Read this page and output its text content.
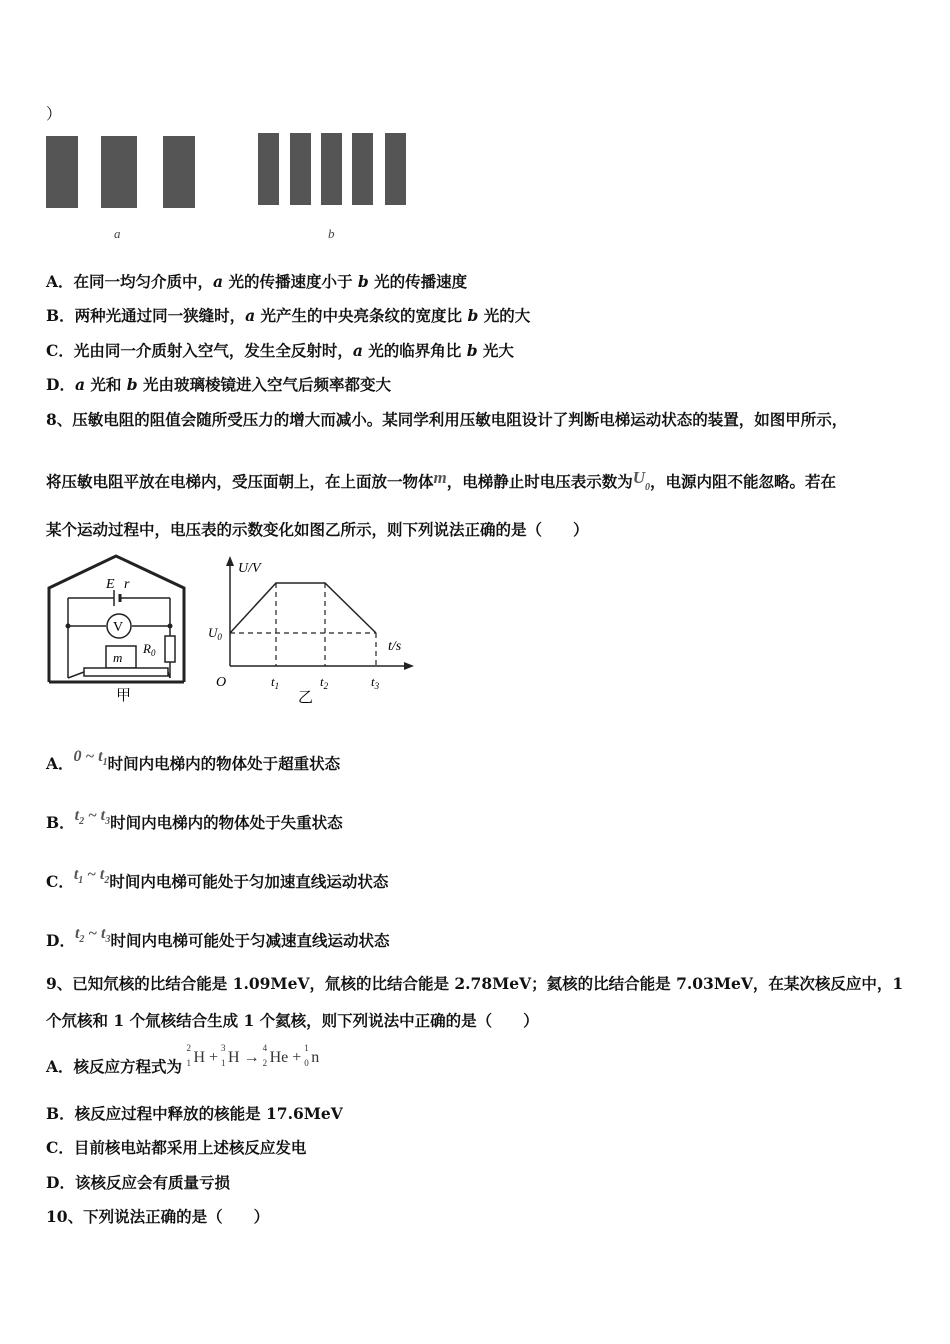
）
a	b
A．在同一均匀介质中，a 光的传播速度小于 b 光的传播速度
B．两种光通过同一狭缝时，a 光产生的中央亮条纹的宽度比 b 光的大
C．光由同一介质射入空气，发生全反射时，a 光的临界角比 b 光大
D．a 光和 b 光由玻璃棱镜进入空气后频率都变大
8、压敏电阻的阻值会随所受压力的增大而减小。某同学利用压敏电阻设计了判断电梯运动状态的装置，如图甲所示，
将压敏电阻平放在电梯内，受压面朝上，在上面放一物体m，电梯静止时电压表示数为$U_0$，电源内阻不能忽略。若在
某个运动过程中，电压表的示数变化如图乙所示，则下列说法正确的是（　　）
E r
V
$R_0$
m
甲
U/V
t/s
$U_0$
O	$t_1$	$t_2$	$t_3$
乙
A．0 ~ $t^1$时间内电梯内的物体处于超重状态
B．$t^2$ ~ $t^3$时间内电梯内的物体处于失重状态
C．$t^1$ ~ $t^2$时间内电梯可能处于匀加速直线运动状态
D．$t^2$ ~ $t^3$时间内电梯可能处于匀减速直线运动状态
9、已知氘核的比结合能是 1.09MeV，氚核的比结合能是 2.78MeV；氦核的比结合能是 7.03MeV，在某次核反应中，1
个氘核和 1 个氚核结合生成 1 个氦核，则下列说法中正确的是（　　）
A．核反应方程式为
2
1 H +
3
1 H →
4
2 He +
1
0 n
B．核反应过程中释放的核能是 17.6MeV
C．目前核电站都采用上述核反应发电
D．该核反应会有质量亏损
10、下列说法正确的是（　　）
